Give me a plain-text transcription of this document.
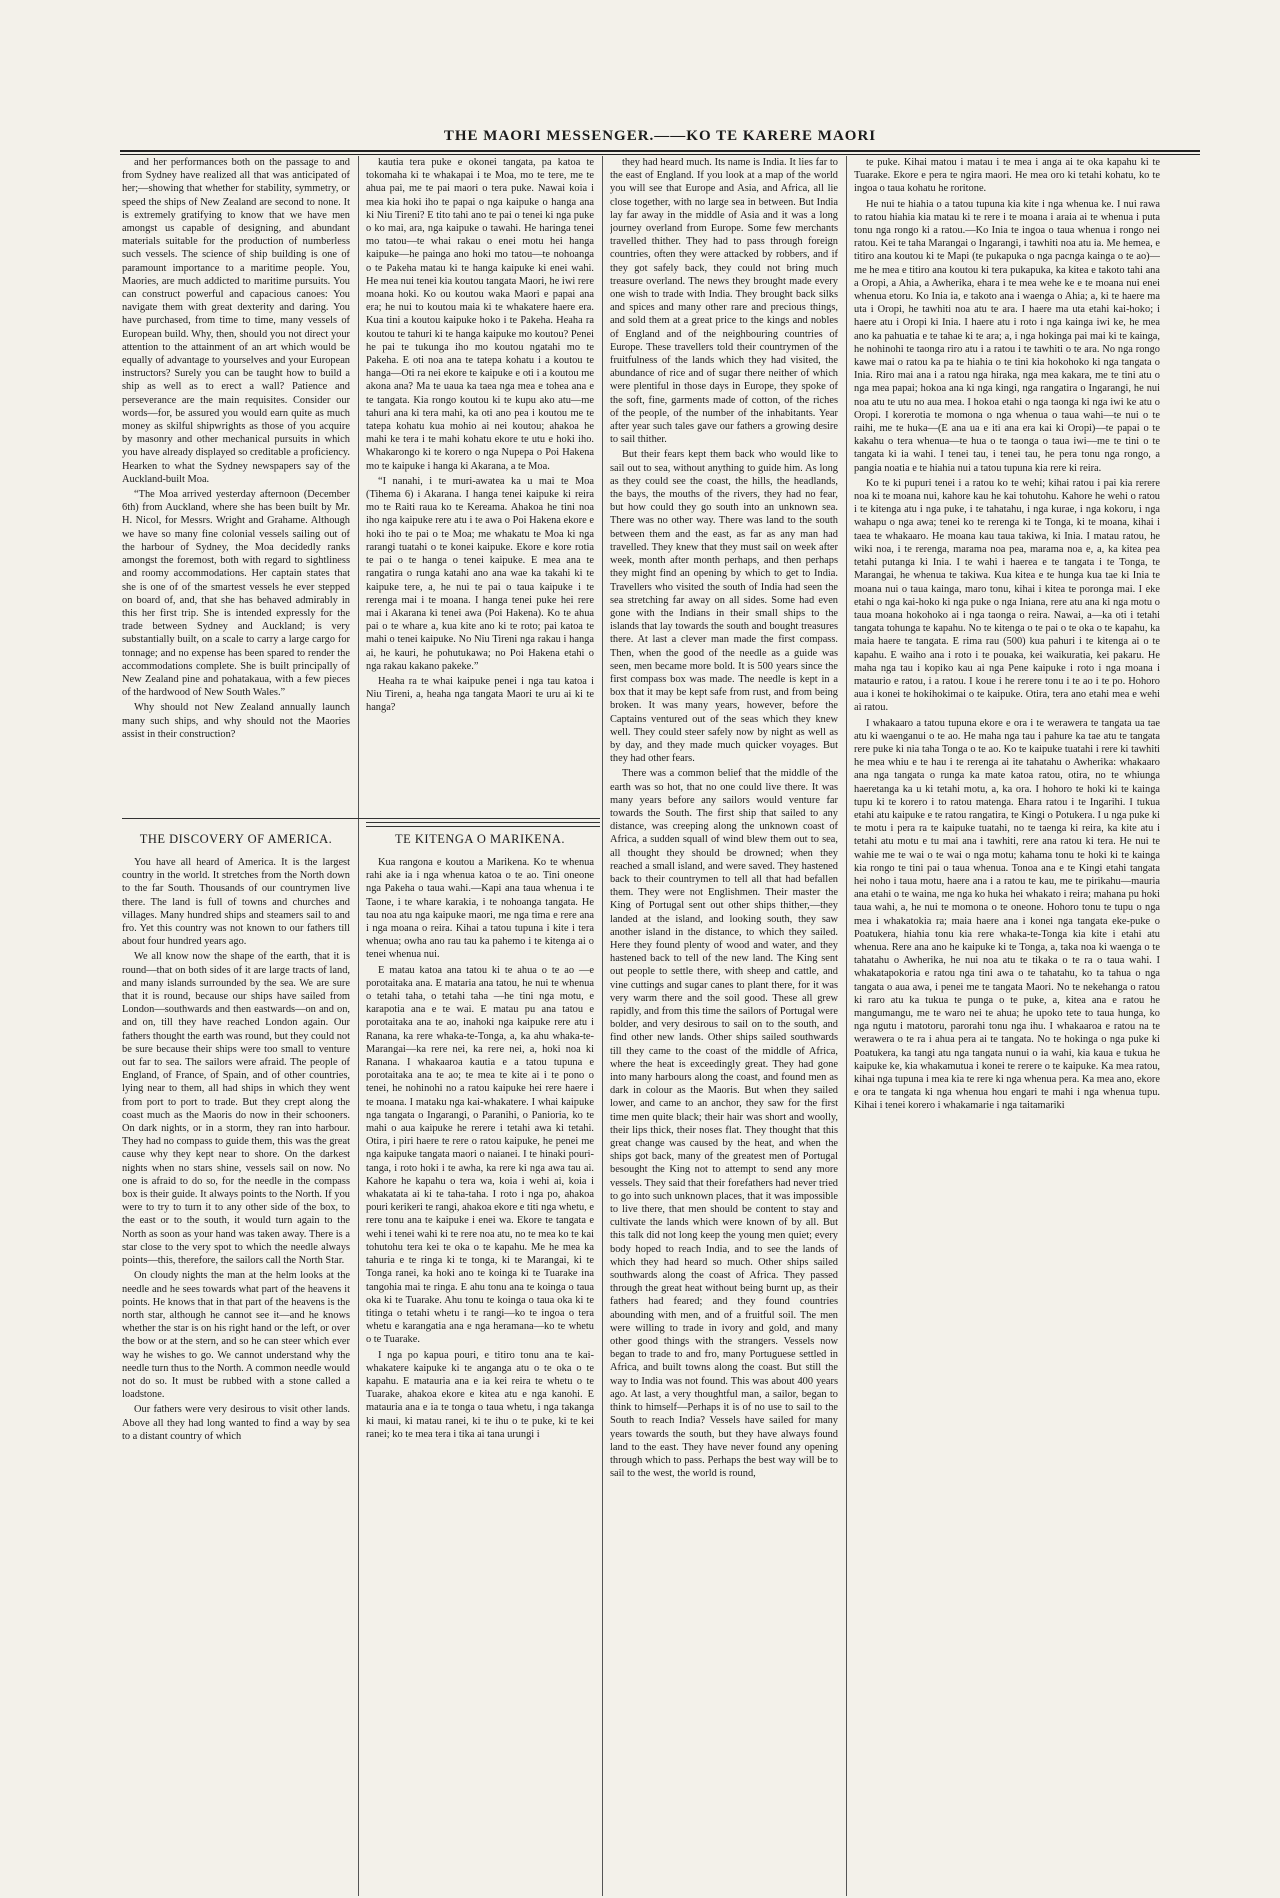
THE MAORI MESSENGER.——KO TE KARERE MAORI

and her performances both on the passage to and from Sydney have realized all that was anticipated of her;—showing that whether for stability, symmetry, or speed the ships of New Zealand are second to none. It is extremely gratifying to know that we have men amongst us capable of designing, and abundant materials suitable for the production of numberless such vessels. The science of ship building is one of paramount importance to a maritime people. You, Maories, are much addicted to maritime pursuits. You can construct powerful and capacious canoes: You navigate them with great dexterity and daring. You have purchased, from time to time, many vessels of European build. Why, then, should you not direct your attention to the attainment of an art which would be equally of advantage to yourselves and your European instructors? Surely you can be taught how to build a ship as well as to erect a wall? Patience and perseverance are the main requisites. Consider our words—for, be assured you would earn quite as much money as skilful shipwrights as those of you acquire by masonry and other mechanical pursuits in which you have already displayed so creditable a proficiency. Hearken to what the Sydney newspapers say of the Auckland-built Moa.

“The Moa arrived yesterday afternoon (December 6th) from Auckland, where she has been built by Mr. H. Nicol, for Messrs. Wright and Grahame. Although we have so many fine colonial vessels sailing out of the harbour of Sydney, the Moa decidedly ranks amongst the foremost, both with regard to sightliness and roomy accommodations. Her captain states that she is one of of the smartest vessels he ever stepped on board of, and, that she has behaved admirably in this her first trip. She is intended expressly for the trade between Sydney and Auckland; is very substantially built, on a scale to carry a large cargo for tonnage; and no expense has been spared to render the accommodations complete. She is built principally of New Zealand pine and pohatakaua, with a few pieces of the hardwood of New South Wales.”

Why should not New Zealand annually launch many such ships, and why should not the Maories assist in their construction?

kautia tera puke e okonei tangata, pa katoa te tokomaha ki te whakapai i te Moa, mo te tere, me te ahua pai, me te pai maori o tera puke. Nawai koia i mea kia hoki iho te papai o nga kaipuke o hanga ana ki Niu Tireni? E tito tahi ano te pai o tenei ki nga puke o ko mai, ara, nga kaipuke o tawahi. He haringa tenei mo tatou—te whai rakau o enei motu hei hanga kaipuke—he painga ano hoki mo tatou—te nohoanga o te Pakeha matau ki te hanga kaipuke ki enei wahi. He mea nui tenei kia koutou tangata Maori, he iwi rere moana hoki. Ko ou koutou waka Maori e papai ana era; he nui to koutou maia ki te whakatere haere era. Kua tini a koutou kaipuke hoko i te Pakeha. Heaha ra koutou te tahuri ki te hanga kaipuke mo koutou? Penei he pai te tukunga iho mo koutou ngatahi mo te Pakeha. E oti noa ana te tatepa kohatu i a koutou te hanga—Oti ra nei ekore te kaipuke e oti i a koutou me akona ana? Ma te uaua ka taea nga mea e tohea ana e te tangata. Kia rongo koutou ki te kupu ako atu—me tahuri ana ki tera mahi, ka oti ano pea i koutou me te tatepa kohatu kua mohio ai nei koutou; ahakoa he mahi ke tera i te mahi kohatu ekore te utu e hoki iho. Whakarongo ki te korero o nga Nupepa o Poi Hakena mo te kaipuke i hanga ki Akarana, a te Moa.

“I nanahi, i te muri-awatea ka u mai te Moa (Tihema 6) i Akarana. I hanga tenei kaipuke ki reira mo te Raiti raua ko te Kereama. Ahakoa he tini noa iho nga kaipuke rere atu i te awa o Poi Hakena ekore e hoki iho te pai o te Moa; me whakatu te Moa ki nga rarangi tuatahi o te konei kaipuke. Ekore e kore rotia te pai o te hanga o tenei kaipuke. E mea ana te rangatira o runga katahi ano ana wae ka takahi ki te kaipuke tere, a, he nui te pai o taua kaipuke i te rerenga mai i te moana. I hanga tenei puke hei rere mai i Akarana ki tenei awa (Poi Hakena). Ko te ahua pai o te whare a, kua kite ano ki te roto; pai katoa te mahi o tenei kaipuke. No Niu Tireni nga rakau i hanga ai, he kauri, he pohutukawa; no Poi Hakena etahi o nga rakau kakano pakeke.”

Heaha ra te whai kaipuke penei i nga tau katoa i Niu Tireni, a, heaha nga tangata Maori te uru ai ki te hanga?

they had heard much. Its name is India. It lies far to the east of England. If you look at a map of the world you will see that Europe and Asia, and Africa, all lie close together, with no large sea in between. But India lay far away in the middle of Asia and it was a long journey overland from Europe. Some few merchants travelled thither. They had to pass through foreign countries, often they were attacked by robbers, and if they got safely back, they could not bring much treasure overland. The news they brought made every one wish to trade with India. They brought back silks and spices and many other rare and precious things, and sold them at a great price to the kings and nobles of England and of the neighbouring countries of Europe. These travellers told their countrymen of the fruitfulness of the lands which they had visited, the abundance of rice and of sugar there neither of which were plentiful in those days in Europe, they spoke of the soft, fine, garments made of cotton, of the riches of the people, of the number of the inhabitants. Year after year such tales gave our fathers a growing desire to sail thither.

But their fears kept them back who would like to sail out to sea, without anything to guide him. As long as they could see the coast, the hills, the headlands, the bays, the mouths of the rivers, they had no fear, but how could they go south into an unknown sea. There was no other way. There was land to the south between them and the east, as far as any man had travelled. They knew that they must sail on week after week, month after month perhaps, and then perhaps they might find an opening by which to get to India. Travellers who visited the south of India had seen the sea stretching far away on all sides. Some had even gone with the Indians in their small ships to the islands that lay towards the south and bought treasures there. At last a clever man made the first compass. Then, when the good of the needle as a guide was seen, men became more bold. It is 500 years since the first compass box was made. The needle is kept in a box that it may be kept safe from rust, and from being broken. It was many years, however, before the Captains ventured out of the seas which they knew well. They could steer safely now by night as well as by day, and they made much quicker voyages. But they had other fears.

There was a common belief that the middle of the earth was so hot, that no one could live there. It was many years before any sailors would venture far towards the South. The first ship that sailed to any distance, was creeping along the unknown coast of Africa, a sudden squall of wind blew them out to sea, all thought they should be drowned; when they reached a small island, and were saved. They hastened back to their countrymen to tell all that had befallen them. They were not Englishmen. Their master the King of Portugal sent out other ships thither,—they landed at the island, and looking south, they saw another island in the distance, to which they sailed. Here they found plenty of wood and water, and they hastened back to tell of the new land. The King sent out people to settle there, with sheep and cattle, and vine cuttings and sugar canes to plant there, for it was very warm there and the soil good. These all grew rapidly, and from this time the sailors of Portugal were bolder, and very desirous to sail on to the south, and find other new lands. Other ships sailed southwards till they came to the coast of the middle of Africa, where the heat is exceedingly great. They had gone into many harbours along the coast, and found men as dark in colour as the Maoris. But when they sailed lower, and came to an anchor, they saw for the first time men quite black; their hair was short and woolly, their lips thick, their noses flat. They thought that this great change was caused by the heat, and when the ships got back, many of the greatest men of Portugal besought the King not to attempt to send any more vessels. They said that their forefathers had never tried to go into such unknown places, that it was impossible to live there, that men should be content to stay and cultivate the lands which were known of by all. But this talk did not long keep the young men quiet; every body hoped to reach India, and to see the lands of which they had heard so much. Other ships sailed southwards along the coast of Africa. They passed through the great heat without being burnt up, as their fathers had feared; and they found countries abounding with men, and of a fruitful soil. The men were willing to trade in ivory and gold, and many other good things with the strangers. Vessels now began to trade to and fro, many Portuguese settled in Africa, and built towns along the coast. But still the way to India was not found. This was about 400 years ago. At last, a very thoughtful man, a sailor, began to think to himself—Perhaps it is of no use to sail to the South to reach India? Vessels have sailed for many years towards the south, but they have always found land to the east. They have never found any opening through which to pass. Perhaps the best way will be to sail to the west, the world is round,

te puke. Kihai matou i matau i te mea i anga ai te oka kapahu ki te Tuarake. Ekore e pera te ngira maori. He mea oro ki tetahi kohatu, ko te ingoa o taua kohatu he roritone.

He nui te hiahia o a tatou tupuna kia kite i nga whenua ke. I nui rawa to ratou hiahia kia matau ki te rere i te moana i araia ai te whenua i puta tonu nga rongo ki a ratou.—Ko Inia te ingoa o taua whenua i rongo nei ratou. Kei te taha Marangai o Ingarangi, i tawhiti noa atu ia. Me hemea, e titiro ana koutou ki te Mapi (te pukapuka o nga pacnga kainga o te ao)—me he mea e titiro ana koutou ki tera pukapuka, ka kitea e takoto tahi ana a Oropi, a Ahia, a Awherika, ehara i te mea wehe ke e te moana nui enei whenua etoru. Ko Inia ia, e takoto ana i waenga o Ahia; a, ki te haere ma uta i Oropi, he tawhiti noa atu te ara. I haere ma uta etahi kai-hoko; i haere atu i Oropi ki Inia. I haere atu i roto i nga kainga iwi ke, he mea ano ka pahuatia e te tahae ki te ara; a, i nga hokinga pai mai ki te kainga, he nohinohi te taonga riro atu i a ratou i te tawhiti o te ara. No nga rongo kawe mai o ratou ka pa te hiahia o te tini kia hokohoko ki nga tangata o Inia. Riro mai ana i a ratou nga hiraka, nga mea kakara, me te tini atu o nga mea papai; hokoa ana ki nga kingi, nga rangatira o Ingarangi, he nui noa atu te utu no aua mea. I hokoa etahi o nga taonga ki nga iwi ke atu o Oropi. I korerotia te momona o nga whenua o taua wahi—te nui o te raihi, me te huka—(E ana ua e iti ana era kai ki Oropi)—te papai o te kakahu o tera whenua—te hua o te taonga o taua iwi—me te tini o te tangata ki ia wahi. I tenei tau, i tenei tau, he pera tonu nga rongo, a pangia noatia e te hiahia nui a tatou tupuna kia rere ki reira.

Ko te ki pupuri tenei i a ratou ko te wehi; kihai ratou i pai kia rerere noa ki te moana nui, kahore kau he kai tohutohu. Kahore he wehi o ratou i te kitenga atu i nga puke, i te tahatahu, i nga kurae, i nga kokoru, i nga wahapu o nga awa; tenei ko te rerenga ki te Tonga, ki te moana, kihai i taea te whakaaro. He moana kau taua takiwa, ki Inia. I matau ratou, he wiki noa, i te rerenga, marama noa pea, marama noa e, a, ka kitea pea tetahi putanga ki Inia. I te wahi i haerea e te tangata i te Tonga, te Marangai, he whenua te takiwa. Kua kitea e te hunga kua tae ki Inia te moana nui o taua kainga, maro tonu, kihai i kitea te poronga mai. I eke etahi o nga kai-hoko ki nga puke o nga Iniana, rere atu ana ki nga motu o taua moana hokohoko ai i nga taonga o reira. Nawai, a—ka oti i tetahi tangata tohunga te kapahu. No te kitenga o te pai o te oka o te kapahu, ka maia haere te tangata. E rima rau (500) kua pahuri i te kitenga ai o te kapahu. E waiho ana i roto i te pouaka, kei waikuratia, kei pakaru. He maha nga tau i kopiko kau ai nga Pene kaipuke i roto i nga moana i mataurio e ratou, i a ratou. I koue i he rerere tonu i te ao i te po. Hohoro aua i konei te hokihokimai o te kaipuke. Otira, tera ano etahi mea e wehi ai ratou.

I whakaaro a tatou tupuna ekore e ora i te werawera te tangata ua tae atu ki waenganui o te ao. He maha nga tau i pahure ka tae atu te tangata rere puke ki nia taha Tonga o te ao. Ko te kaipuke tuatahi i rere ki tawhiti he mea whiu e te hau i te rerenga ai ite tahatahu o Awherika: whakaaro ana nga tangata o runga ka mate katoa ratou, otira, no te whiunga haeretanga ka u ki tetahi motu, a, ka ora. I hohoro te hoki ki te kainga tupu ki te korero i to ratou matenga. Ehara ratou i te Ingarihi. I tukua etahi atu kaipuke e te ratou rangatira, te Kingi o Potukera. I u nga puke ki te motu i pera ra te kaipuke tuatahi, no te taenga ki reira, ka kite atu i tetahi atu motu e tu mai ana i tawhiti, rere ana ratou ki tera. He nui te wahie me te wai o te wai o nga motu; kahama tonu te hoki ki te kainga kia rongo te tini pai o taua whenua. Tonoa ana e te Kingi etahi tangata hei noho i taua motu, haere ana i a ratou te kau, me te pirikahu—mauria ana etahi o te waina, me nga ko huka hei whakato i reira; mahana pu hoki taua wahi, a, he nui te momona o te oneone. Hohoro tonu te tupu o nga mea i whakatokia ra; maia haere ana i konei nga tangata eke-puke o Poatukera, hiahia tonu kia rere whaka-te-Tonga kia kite i etahi atu whenua. Rere ana ano he kaipuke ki te Tonga, a, taka noa ki waenga o te tahatahu o Awherika, he nui noa atu te tikaka o te ra o taua wahi. I whakatapokoria e ratou nga tini awa o te tahatahu, ko ta tahua o nga tangata o aua awa, i penei me te tangata Maori. No te nekehanga o ratou ki raro atu ka tukua te punga o te puke, a, kitea ana e ratou he mangumangu, me te waro nei te ahua; he upoko tete to taua hunga, ko nga ngutu i matotoru, parorahi tonu nga ihu. I whakaaroa e ratou na te werawera o te ra i ahua pera ai te tangata. No te hokinga o nga puke ki Poatukera, ka tangi atu nga tangata nunui o ia wahi, kia kaua e tukua he kaipuke ke, kia whakamutua i konei te rerere o te kaipuke. Ka mea ratou, kihai nga tupuna i mea kia te rere ki nga whenua pera. Ka mea ano, ekore e ora te tangata ki nga whenua hou engari te mahi i nga whenua tupu. Kihai i tenei korero i whakamarie i nga taitamariki

THE DISCOVERY OF AMERICA.	TE KITENGA O MARIKENA.

You have all heard of America. It is the largest country in the world. It stretches from the North down to the far South. Thousands of our countrymen live there. The land is full of towns and churches and villages. Many hundred ships and steamers sail to and fro. Yet this country was not known to our fathers till about four hundred years ago.

We all know now the shape of the earth, that it is round—that on both sides of it are large tracts of land, and many islands surrounded by the sea. We are sure that it is round, because our ships have sailed from London—southwards and then eastwards—on and on, and on, till they have reached London again. Our fathers thought the earth was round, but they could not be sure because their ships were too small to venture out far to sea. The sailors were afraid. The people of England, of France, of Spain, and of other countries, lying near to them, all had ships in which they went from port to port to trade. But they crept along the coast much as the Maoris do now in their schooners. On dark nights, or in a storm, they ran into harbour. They had no compass to guide them, this was the great cause why they kept near to shore. On the darkest nights when no stars shine, vessels sail on now. No one is afraid to do so, for the needle in the compass box is their guide. It always points to the North. If you were to try to turn it to any other side of the box, to the east or to the south, it would turn again to the North as soon as your hand was taken away. There is a star close to the very spot to which the needle always points—this, therefore, the sailors call the North Star.

On cloudy nights the man at the helm looks at the needle and he sees towards what part of the heavens it points. He knows that in that part of the heavens is the north star, although he cannot see it—and he knows whether the star is on his right hand or the left, or over the bow or at the stern, and so he can steer which ever way he wishes to go. We cannot understand why the needle turn thus to the North. A common needle would not do so. It must be rubbed with a stone called a loadstone.

Our fathers were very desirous to visit other lands. Above all they had long wanted to find a way by sea to a distant country of which

Kua rangona e koutou a Marikena. Ko te whenua rahi ake ia i nga whenua katoa o te ao. Tini oneone nga Pakeha o taua wahi.—Kapi ana taua whenua i te Taone, i te whare karakia, i te nohoanga tangata. He tau noa atu nga kaipuke maori, me nga tima e rere ana i nga moana o reira. Kihai a tatou tupuna i kite i tera whenua; owha ano rau tau ka pahemo i te kitenga ai o tenei whenua nui.

E matau katoa ana tatou ki te ahua o te ao —e porotaitaka ana. E mataria ana tatou, he nui te whenua o tetahi taha, o tetahi taha —he tini nga motu, e karapotia ana e te wai. E matau pu ana tatou e porotaitaka ana te ao, inahoki nga kaipuke rere atu i Ranana, ka rere whaka-te-Tonga, a, ka ahu whaka-te-Marangai—ka rere nei, ka rere nei, a, hoki noa ki Ranana. I whakaaroa kautia e a tatou tupuna e porotaitaka ana te ao; te mea te kite ai i te pono o tenei, he nohinohi no a ratou kaipuke hei rere haere i te moana. I mataku nga kai-whakatere. I whai kaipuke nga tangata o Ingarangi, o Paranihi, o Panioria, ko te mahi o aua kaipuke he rerere i tetahi awa ki tetahi. Otira, i piri haere te rere o ratou kaipuke, he penei me nga kaipuke tangata maori o naianei. I te hinaki pouri-tanga, i roto hoki i te awha, ka rere ki nga awa tau ai. Kahore he kapahu o tera wa, koia i wehi ai, koia i whakatata ai ki te taha-taha. I roto i nga po, ahakoa pouri kerikeri te rangi, ahakoa ekore e titi nga whetu, e rere tonu ana te kaipuke i enei wa. Ekore te tangata e wehi i tenei wahi ki te rere noa atu, no te mea ko te kai tohutohu tera kei te oka o te kapahu. Me he mea ka tahuria e te ringa ki te tonga, ki te Marangai, ki te Tonga ranei, ka hoki ano te koinga ki te Tuarake ina tangohia mai te ringa. E ahu tonu ana te koinga o taua oka ki te Tuarake. Ahu tonu te koinga o taua oka ki te titinga o tetahi whetu i te rangi—ko te ingoa o tera whetu e karangatia ana e nga heramana—ko te whetu o te Tuarake.

I nga po kapua pouri, e titiro tonu ana te kai-whakatere kaipuke ki te anganga atu o te oka o te kapahu. E matauria ana e ia kei reira te whetu o te Tuarake, ahakoa ekore e kitea atu e nga kanohi. E matauria ana e ia te tonga o taua whetu, i nga takanga ki maui, ki matau ranei, ki te ihu o te puke, ki te kei ranei; ko te mea tera i tika ai tana urungi i
